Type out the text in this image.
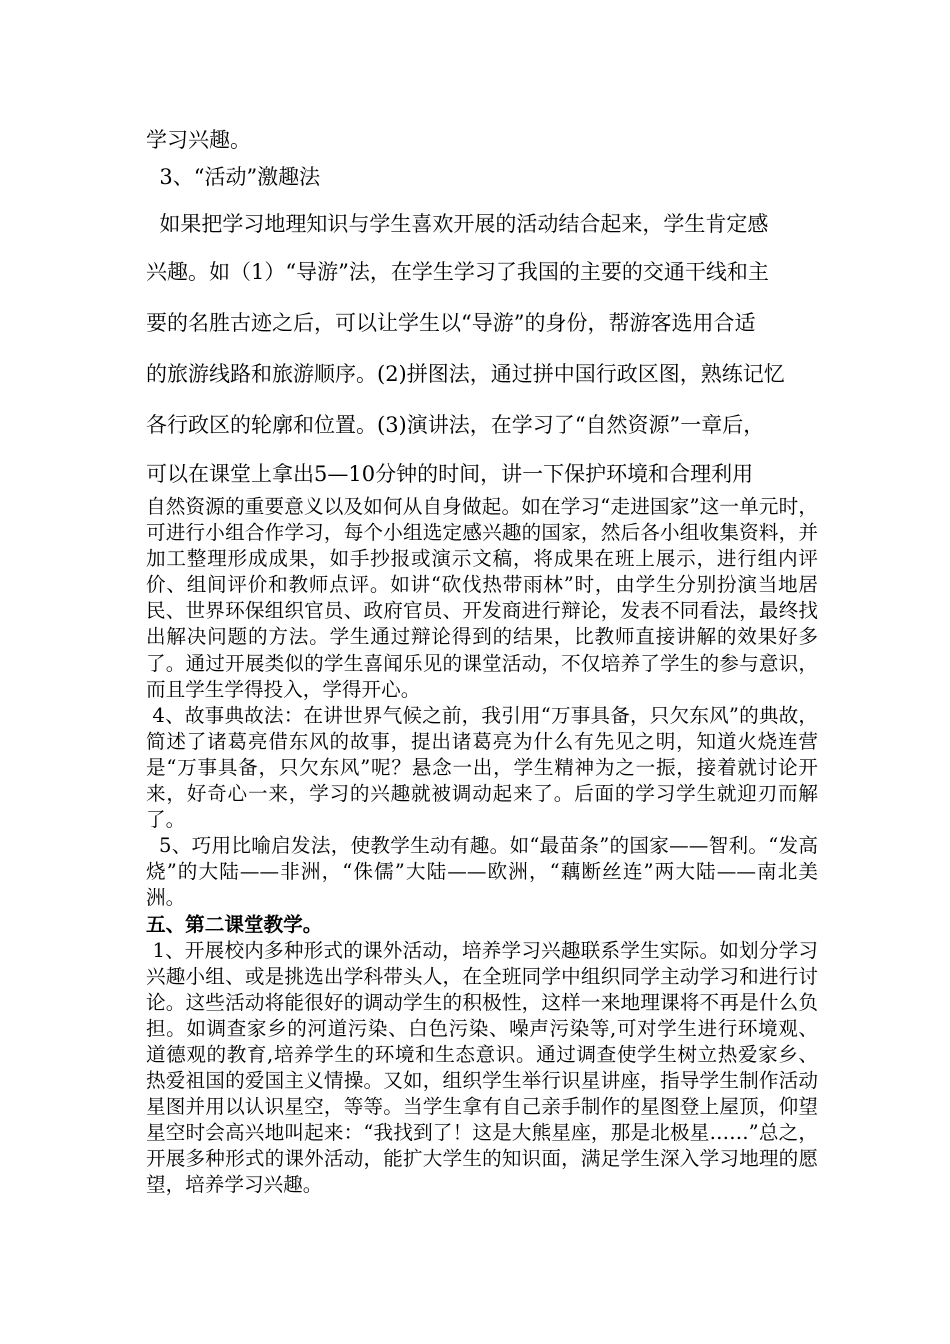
学习兴趣。

3、“活动”激趣法

如果把学习地理知识与学生喜欢开展的活动结合起来，学生肯定感

兴趣。如（1）“导游”法，在学生学习了我国的主要的交通干线和主

要的名胜古迹之后，可以让学生以“导游”的身份，帮游客选用合适

的旅游线路和旅游顺序。(2)拼图法，通过拼中国行政区图，熟练记忆

各行政区的轮廓和位置。(3)演讲法，在学习了“自然资源”一章后，

可以在课堂上拿出5—10分钟的时间，讲一下保护环境和合理利用

自然资源的重要意义以及如何从自身做起。如在学习“走进国家”这一单元时，可进行小组合作学习，每个小组选定感兴趣的国家，然后各小组收集资料，并加工整理形成成果，如手抄报或演示文稿，将成果在班上展示，进行组内评价、组间评价和教师点评。如讲“砍伐热带雨林”时，由学生分别扮演当地居民、世界环保组织官员、政府官员、开发商进行辩论，发表不同看法，最终找出解决问题的方法。学生通过辩论得到的结果，比教师直接讲解的效果好多了。通过开展类似的学生喜闻乐见的课堂活动，不仅培养了学生的参与意识，而且学生学得投入，学得开心。

4、故事典故法：在讲世界气候之前，我引用“万事具备，只欠东风”的典故，简述了诸葛亮借东风的故事，提出诸葛亮为什么有先见之明，知道火烧连营是“万事具备，只欠东风”呢？悬念一出，学生精神为之一振，接着就讨论开来，好奇心一来，学习的兴趣就被调动起来了。后面的学习学生就迎刃而解了。

5、巧用比喻启发法，使教学生动有趣。如“最苗条”的国家——智利。“发高烧”的大陆——非洲，“侏儒”大陆——欧洲，“藕断丝连”两大陆——南北美洲。

五、第二课堂教学。

1、开展校内多种形式的课外活动，培养学习兴趣联系学生实际。如划分学习兴趣小组、或是挑选出学科带头人，在全班同学中组织同学主动学习和进行讨论。这些活动将能很好的调动学生的积极性，这样一来地理课将不再是什么负担。如调查家乡的河道污染、白色污染、噪声污染等,可对学生进行环境观、道德观的教育,培养学生的环境和生态意识。通过调查使学生树立热爱家乡、热爱祖国的爱国主义情操。又如，组织学生举行识星讲座，指导学生制作活动星图并用以认识星空，等等。当学生拿有自己亲手制作的星图登上屋顶，仰望星空时会高兴地叫起来：“我找到了！这是大熊星座，那是北极星……”总之，开展多种形式的课外活动，能扩大学生的知识面，满足学生深入学习地理的愿望，培养学习兴趣。
